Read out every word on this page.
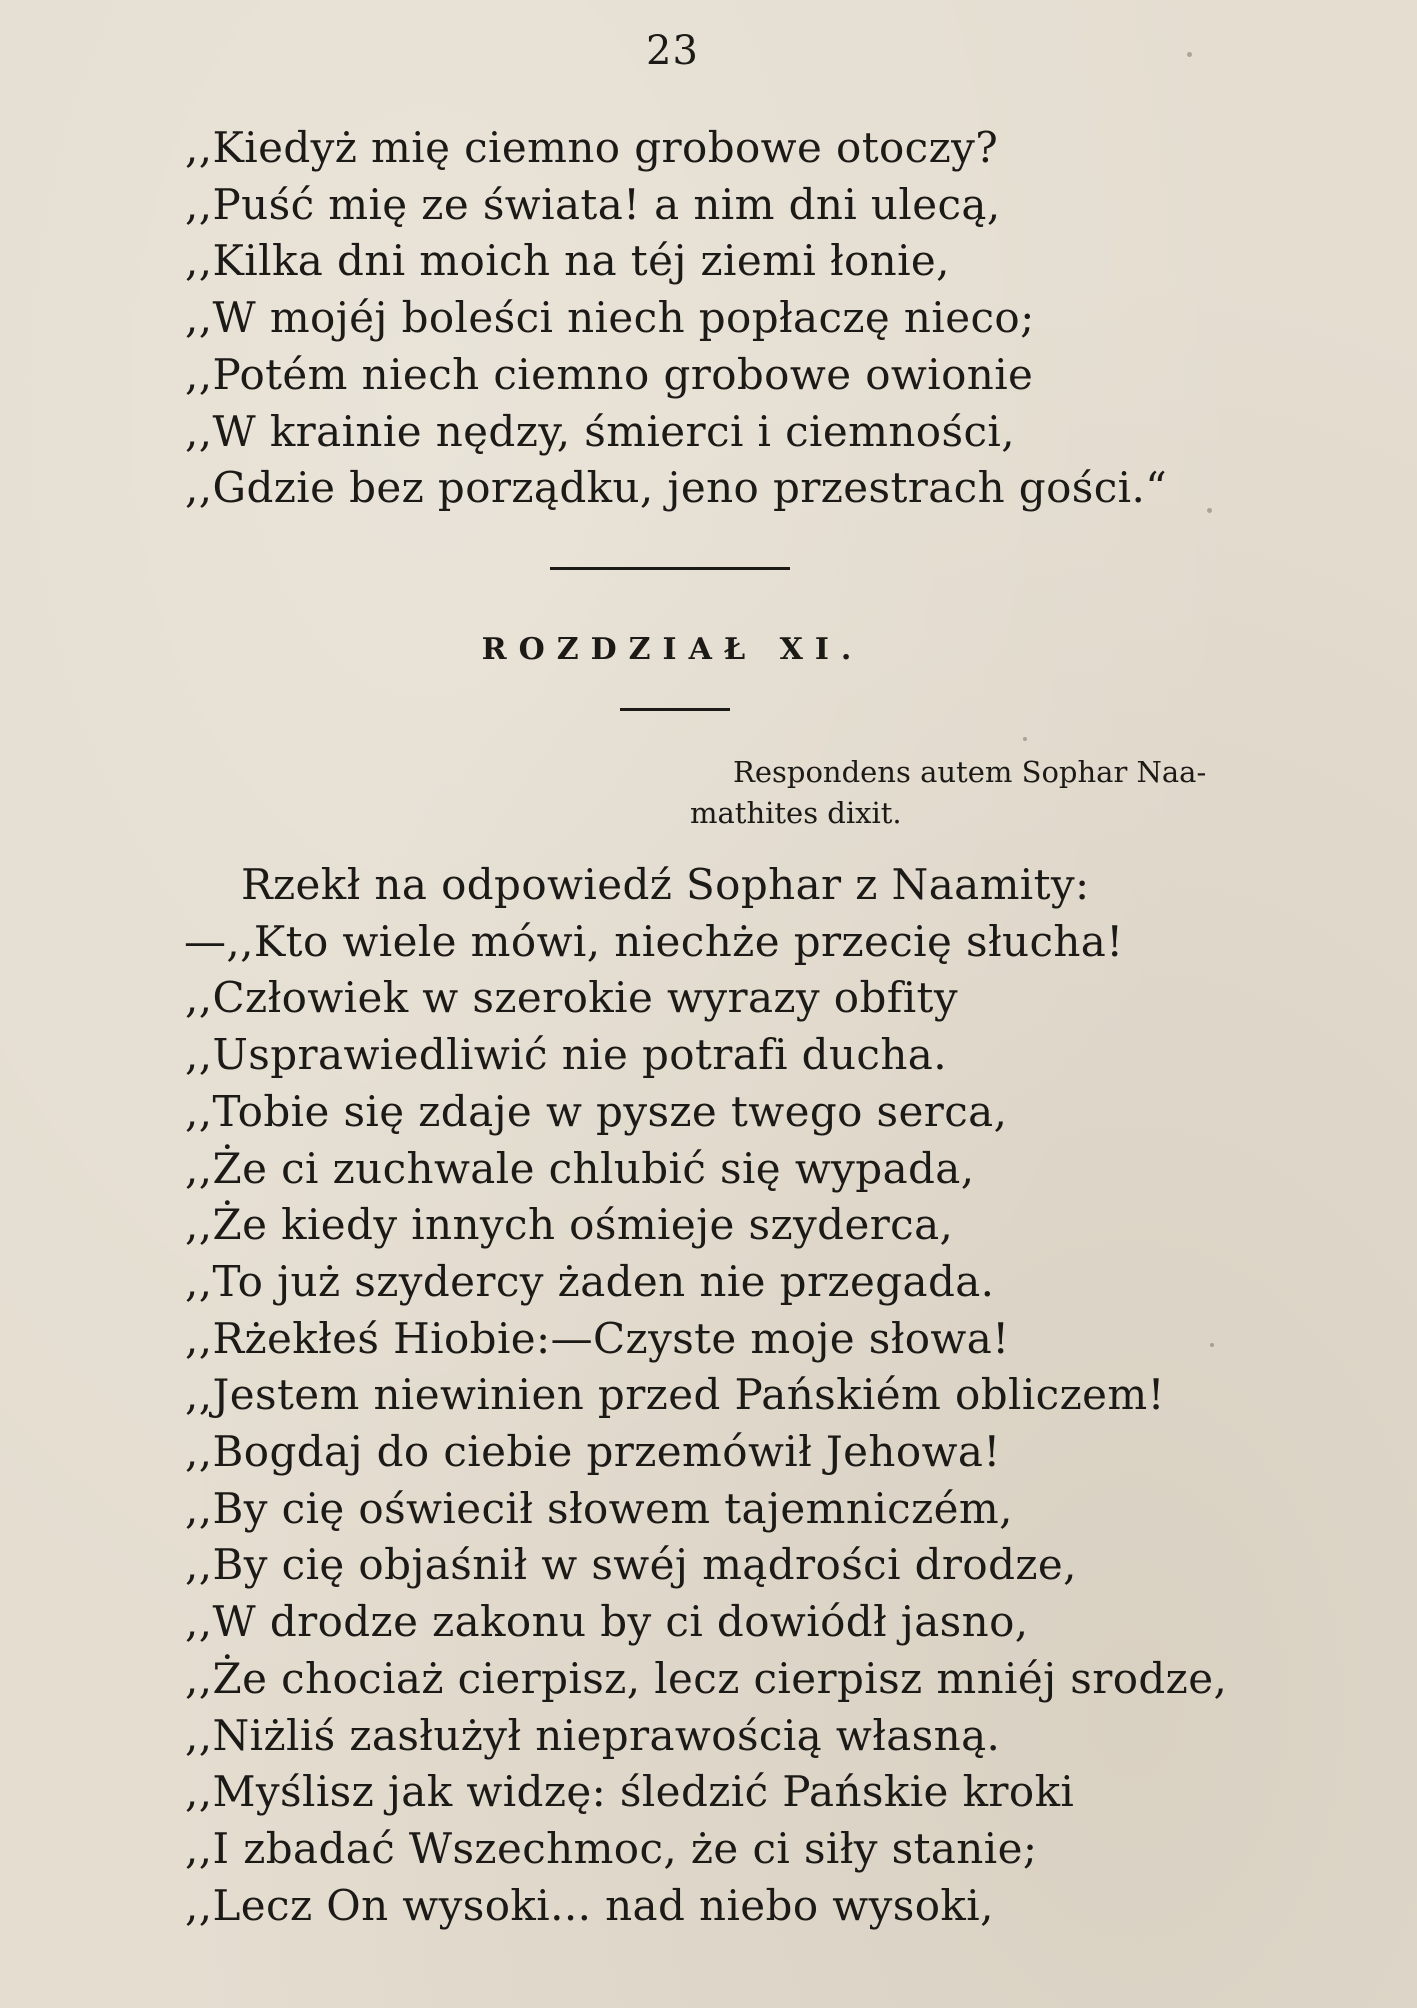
23
,,Kiedyż mię ciemno grobowe otoczy?
,,Puść mię ze świata! a nim dni ulecą,
,,Kilka dni moich na téj ziemi łonie,
,,W mojéj boleści niech popłaczę nieco;
,,Potém niech ciemno grobowe owionie
,,W krainie nędzy, śmierci i ciemności,
,,Gdzie bez porządku, jeno przestrach gości.“
ROZDZIAŁ XI.
Respondens autem Sophar Naa-
mathites dixit.
Rzekł na odpowiedź Sophar z Naamity:
—,,Kto wiele mówi, niechże przecię słucha!
,,Człowiek w szerokie wyrazy obfity
,,Usprawiedliwić nie potrafi ducha.
,,Tobie się zdaje w pysze twego serca,
,,Że ci zuchwale chlubić się wypada,
,,Że kiedy innych ośmieje szyderca,
,,To już szydercy żaden nie przegada.
,,Rżekłeś Hiobie:—Czyste moje słowa!
,,Jestem niewinien przed Pańskiém obliczem!
,,Bogdaj do ciebie przemówił Jehowa!
,,By cię oświecił słowem tajemniczém,
,,By cię objaśnił w swéj mądrości drodze,
,,W drodze zakonu by ci dowiódł jasno,
,,Że chociaż cierpisz, lecz cierpisz mniéj srodze,
,,Niżliś zasłużył nieprawością własną.
,,Myślisz jak widzę: śledzić Pańskie kroki
,,I zbadać Wszechmoc, że ci siły stanie;
,,Lecz On wysoki... nad niebo wysoki,
